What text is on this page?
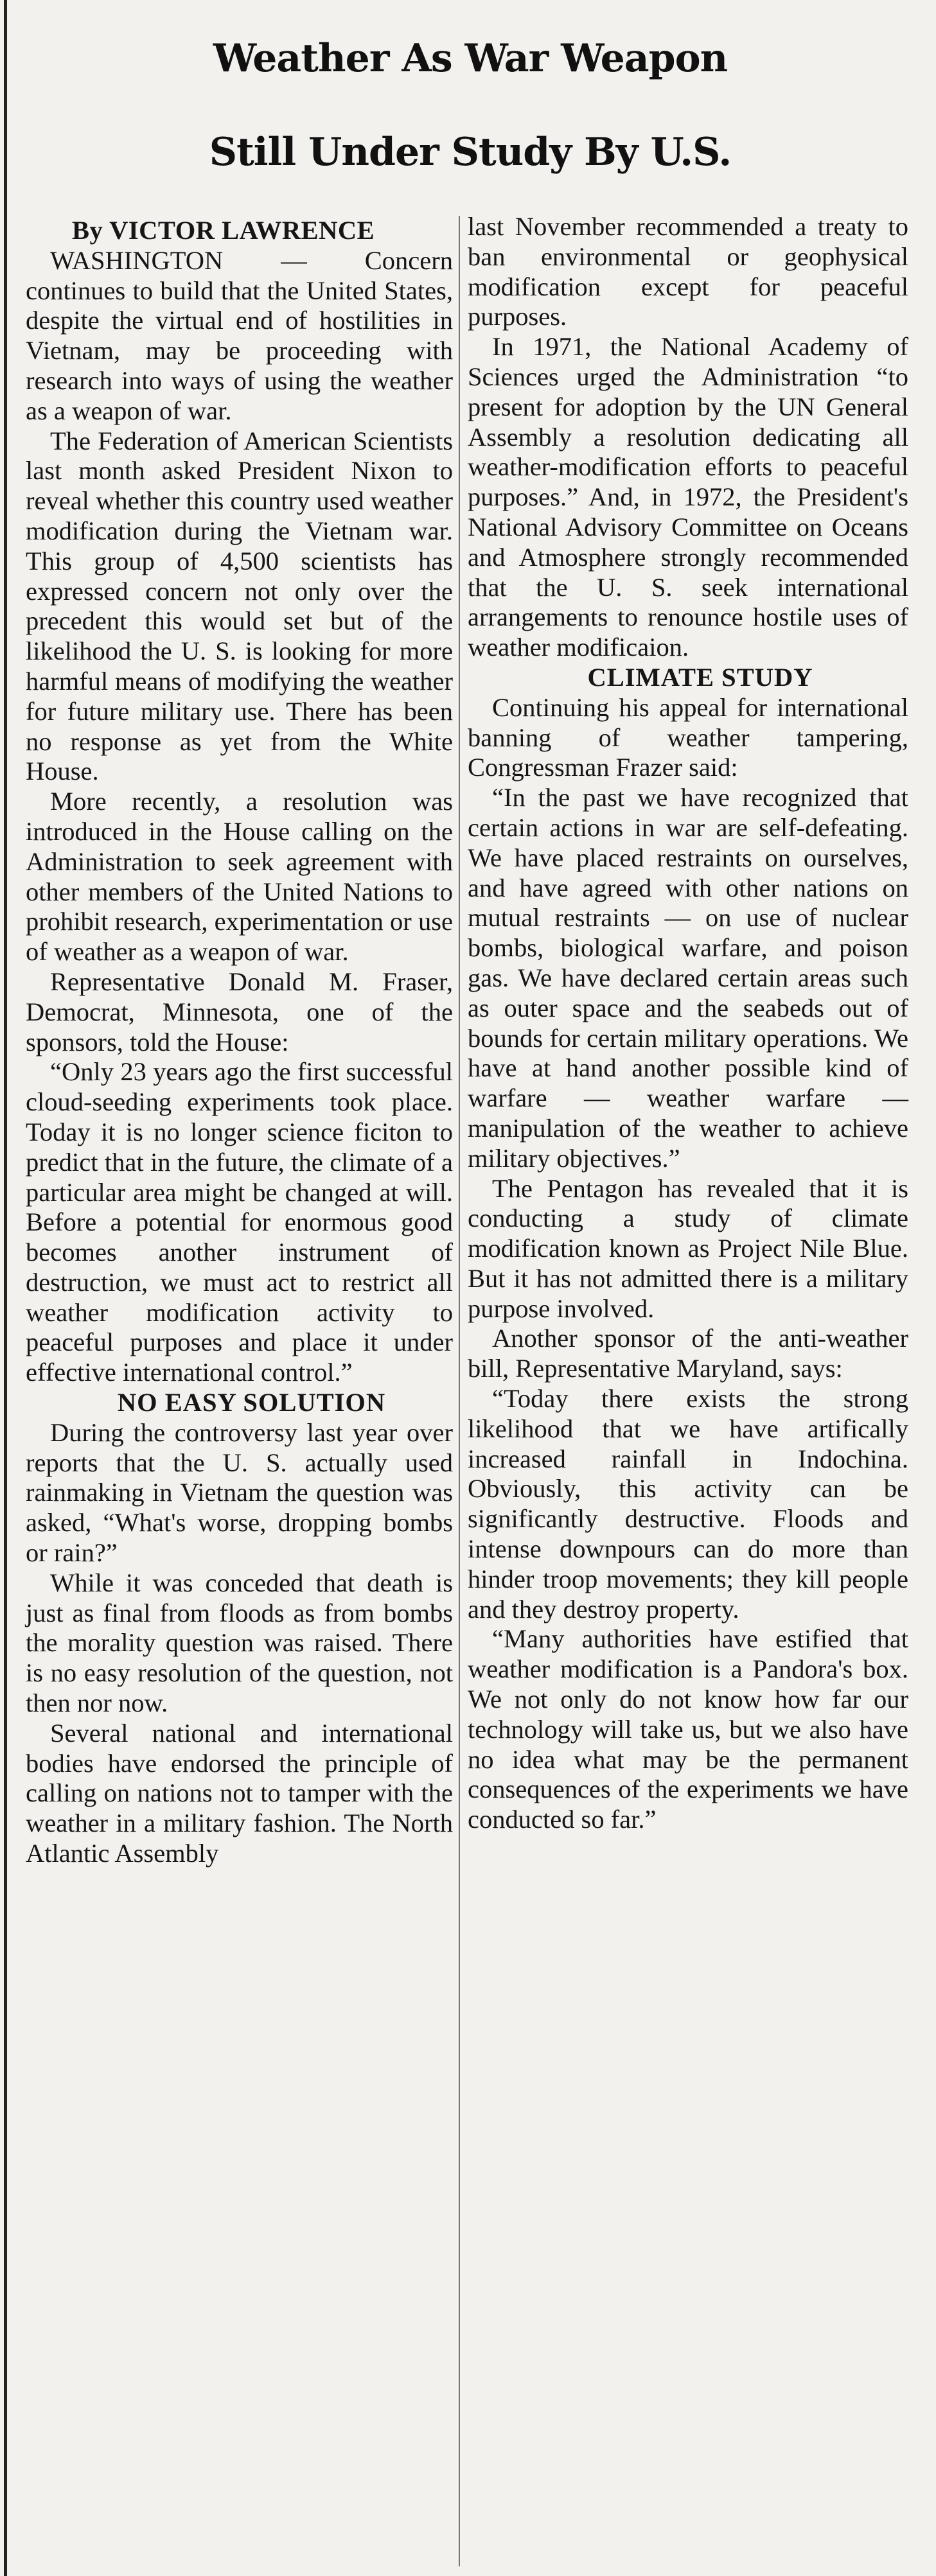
Weather As War Weapon
Still Under Study By U.S.

By VICTOR LAWRENCE

WASHINGTON — Concern continues to build that the United States, despite the virtual end of hostilities in Vietnam, may be proceeding with research into ways of using the weather as a weapon of war.

The Federation of American Scientists last month asked President Nixon to reveal whether this country used weather modification during the Vietnam war. This group of 4,500 scientists has expressed concern not only over the precedent this would set but of the likelihood the U. S. is looking for more harmful means of modifying the weather for future military use. There has been no response as yet from the White House.

More recently, a resolution was introduced in the House calling on the Administration to seek agreement with other members of the United Nations to prohibit research, experimentation or use of weather as a weapon of war.

Representative Donald M. Fraser, Democrat, Minnesota, one of the sponsors, told the House:

“Only 23 years ago the first successful cloud-seeding experiments took place. Today it is no longer science ficiton to predict that in the future, the climate of a particular area might be changed at will. Before a potential for enormous good becomes another instrument of destruction, we must act to restrict all weather modification activity to peaceful purposes and place it under effective international control.”

NO EASY SOLUTION

During the controversy last year over reports that the U. S. actually used rainmaking in Vietnam the question was asked, “What's worse, dropping bombs or rain?”

While it was conceded that death is just as final from floods as from bombs the morality question was raised. There is no easy resolution of the question, not then nor now.

Several national and international bodies have endorsed the principle of calling on nations not to tamper with the weather in a military fashion. The North Atlantic Assembly

last November recommended a treaty to ban environmental or geophysical modification except for peaceful purposes.

In 1971, the National Academy of Sciences urged the Administration “to present for adoption by the UN General Assembly a resolution dedicating all weather-modification efforts to peaceful purposes.” And, in 1972, the President's National Advisory Committee on Oceans and Atmosphere strongly recommended that the U. S. seek international arrangements to renounce hostile uses of weather modificaion.

CLIMATE STUDY

Continuing his appeal for international banning of weather tampering, Congressman Frazer said:

“In the past we have recognized that certain actions in war are self-defeating. We have placed restraints on ourselves, and have agreed with other nations on mutual restraints — on use of nuclear bombs, biological warfare, and poison gas. We have declared certain areas such as outer space and the seabeds out of bounds for certain military operations. We have at hand another possible kind of warfare — weather warfare — manipulation of the weather to achieve military objectives.”

The Pentagon has revealed that it is conducting a study of climate modification known as Project Nile Blue. But it has not admitted there is a military purpose involved.

Another sponsor of the anti-weather bill, Representative Maryland, says:

“Today there exists the strong likelihood that we have artifically increased rainfall in Indochina. Obviously, this activity can be significantly destructive. Floods and intense downpours can do more than hinder troop movements; they kill people and they destroy property.

“Many authorities have estified that weather modification is a Pandora's box. We not only do not know how far our technology will take us, but we also have no idea what may be the permanent consequences of the experiments we have conducted so far.”
